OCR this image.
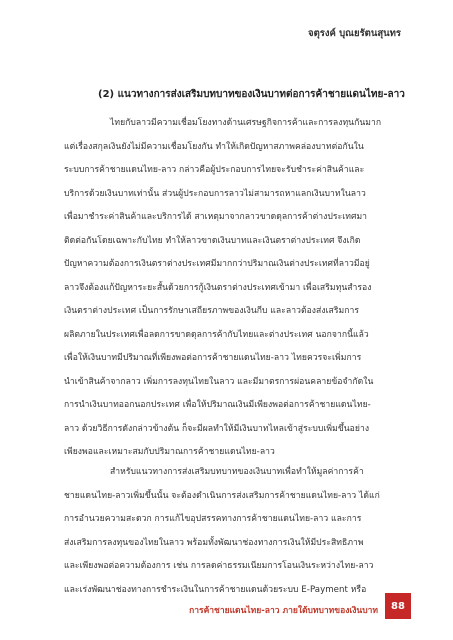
จตุรงค์ บุณยรัตนสุนทร
(2) แนวทางการส่งเสริมบทบาทของเงินบาทต่อการค้าชายแดนไทย-ลาว
ไทยกับลาวมีความเชื่อมโยงทางด้านเศรษฐกิจการค้าและการลงทุนกันมาก
แต่เรื่องสกุลเงินยังไม่มีความเชื่อมโยงกัน ทำให้เกิดปัญหาสภาพคล่องบาทต่อกันใน
ระบบการค้าชายแดนไทย-ลาว กล่าวคือผู้ประกอบการไทยจะรับชำระค่าสินค้าและ
บริการด้วยเงินบาทเท่านั้น ส่วนผู้ประกอบการลาวไม่สามารถหาแลกเงินบาทในลาว
เพื่อมาชำระค่าสินค้าและบริการได้ สาเหตุมาจากลาวขาดดุลการค้าต่างประเทศมา
ติดต่อกันโดยเฉพาะกับไทย ทำให้ลาวขาดเงินบาทและเงินตราต่างประเทศ จึงเกิด
ปัญหาความต้องการเงินตราต่างประเทศมีมากกว่าปริมาณเงินต่างประเทศที่ลาวมีอยู่
ลาวจึงต้องแก้ปัญหาระยะสั้นด้วยการกู้เงินตราต่างประเทศเข้ามา เพื่อเสริมทุนสำรอง
เงินตราต่างประเทศ เป็นการรักษาเสถียรภาพของเงินกีบ และลาวต้องส่งเสริมการ
ผลิตภายในประเทศเพื่อลดการขาดดุลการค้ากับไทยและต่างประเทศ นอกจากนี้แล้ว
เพื่อให้เงินบาทมีปริมาณที่เพียงพอต่อการค้าชายแดนไทย-ลาว ไทยควรจะเพิ่มการ
นำเข้าสินค้าจากลาว เพิ่มการลงทุนไทยในลาว และมีมาตรการผ่อนคลายข้อจำกัดใน
การนำเงินบาทออกนอกประเทศ เพื่อให้ปริมาณเงินมีเพียงพอต่อการค้าชายแดนไทย-
ลาว ด้วยวิธีการดังกล่าวข้างต้น ก็จะมีผลทำให้มีเงินบาทไหลเข้าสู่ระบบเพิ่มขึ้นอย่าง
เพียงพอและเหมาะสมกับปริมาณการค้าชายแดนไทย-ลาว
สำหรับแนวทางการส่งเสริมบทบาทของเงินบาทเพื่อทำให้มูลค่าการค้า
ชายแดนไทย-ลาวเพิ่มขึ้นนั้น จะต้องดำเนินการส่งเสริมการค้าชายแดนไทย-ลาว ได้แก่
การอำนวยความสะดวก การแก้ไขอุปสรรคทางการค้าชายแดนไทย-ลาว และการ
ส่งเสริมการลงทุนของไทยในลาว พร้อมทั้งพัฒนาช่องทางการเงินให้มีประสิทธิภาพ
และเพียงพอต่อความต้องการ เช่น การลดค่าธรรมเนียมการโอนเงินระหว่างไทย-ลาว
และเร่งพัฒนาช่องทางการชำระเงินในการค้าชายแดนด้วยระบบ E-Payment หรือ
การค้าชายแดนไทย-ลาว ภายใต้บทบาทของเงินบาท	88
